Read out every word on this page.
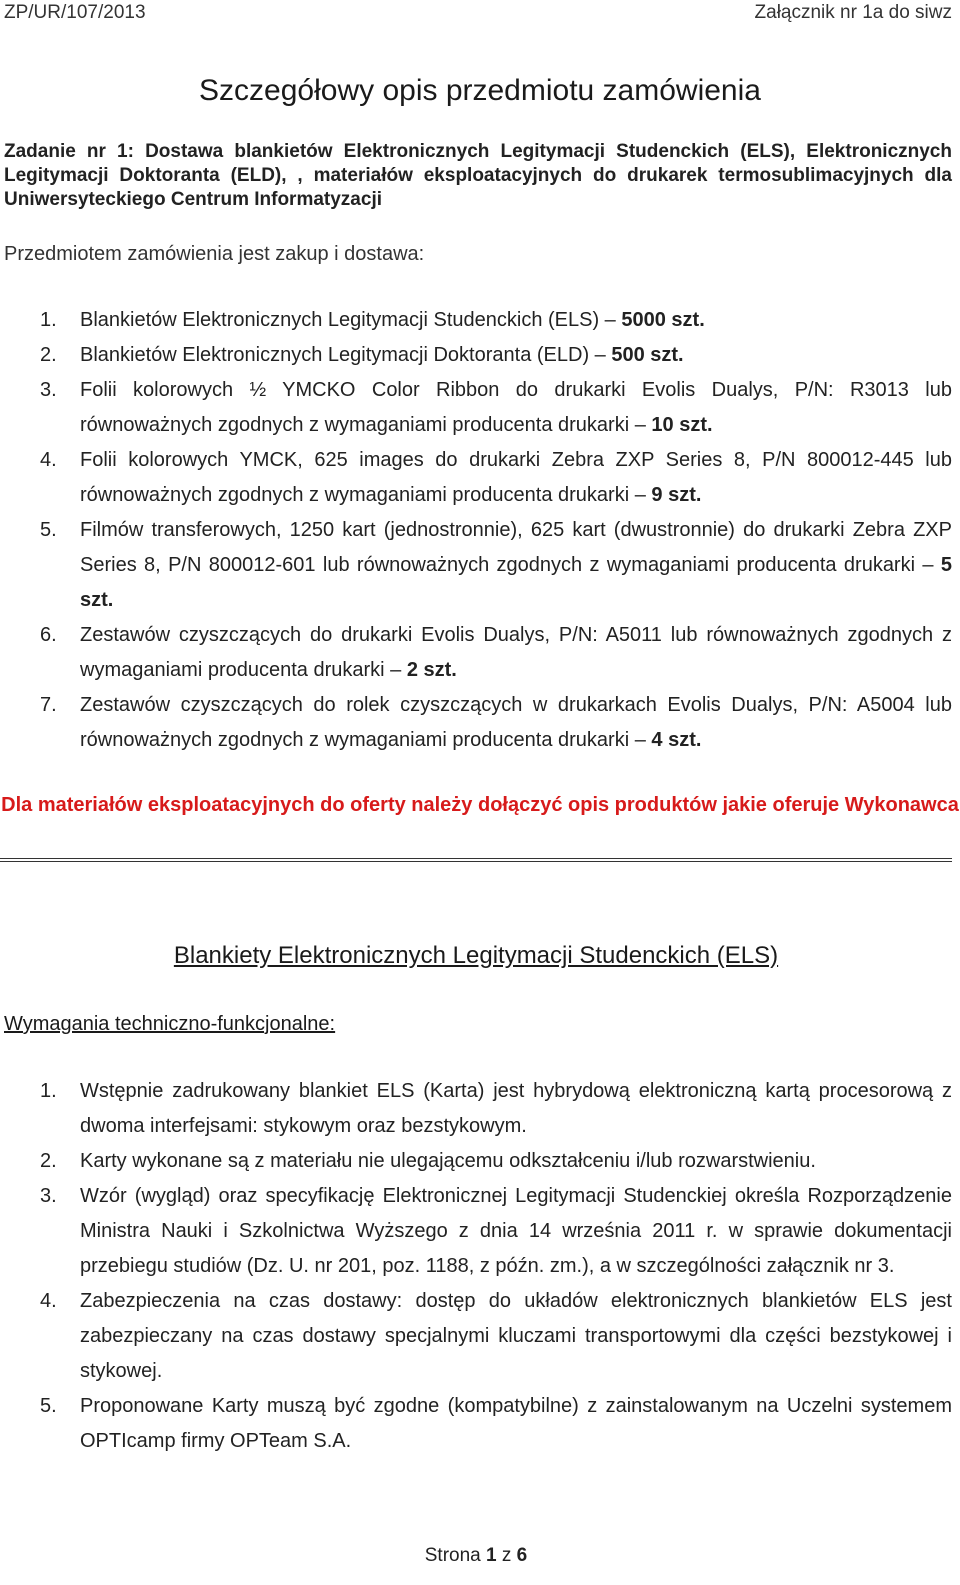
ZP/UR/107/2013	Załącznik nr 1a do siwz
Szczegółowy opis przedmiotu zamówienia
Zadanie nr 1: Dostawa blankietów Elektronicznych Legitymacji Studenckich (ELS), Elektronicznych Legitymacji Doktoranta (ELD), , materiałów eksploatacyjnych do drukarek termosublimacyjnych dla Uniwersyteckiego Centrum Informatyzacji
Przedmiotem zamówienia jest zakup i dostawa:
1. Blankietów Elektronicznych Legitymacji Studenckich (ELS) – 5000 szt.
2. Blankietów Elektronicznych Legitymacji Doktoranta (ELD) – 500 szt.
3. Folii kolorowych ½ YMCKO Color Ribbon do drukarki Evolis Dualys, P/N: R3013 lub równoważnych zgodnych z wymaganiami producenta drukarki – 10 szt.
4. Folii kolorowych YMCK, 625 images do drukarki Zebra ZXP Series 8, P/N 800012-445 lub równoważnych zgodnych z wymaganiami producenta drukarki – 9 szt.
5. Filmów transferowych, 1250 kart (jednostronnie), 625 kart (dwustronnie) do drukarki Zebra ZXP Series 8, P/N 800012-601 lub równoważnych zgodnych z wymaganiami producenta drukarki – 5 szt.
6. Zestawów czyszczących do drukarki Evolis Dualys, P/N: A5011 lub równoważnych zgodnych z wymaganiami producenta drukarki – 2 szt.
7. Zestawów czyszczących do rolek czyszczących w drukarkach Evolis Dualys, P/N: A5004 lub równoważnych zgodnych z wymaganiami producenta drukarki – 4 szt.
Dla materiałów eksploatacyjnych do oferty należy dołączyć opis produktów jakie oferuje Wykonawca
Blankiety Elektronicznych Legitymacji Studenckich (ELS)
Wymagania techniczno-funkcjonalne:
1. Wstępnie zadrukowany blankiet ELS (Karta) jest hybrydową elektroniczną kartą procesorową z dwoma interfejsami: stykowym oraz bezstykowym.
2. Karty wykonane są z materiału nie ulegającemu odkształceniu i/lub rozwarstwieniu.
3. Wzór (wygląd) oraz specyfikację Elektronicznej Legitymacji Studenckiej określa Rozporządzenie Ministra Nauki i Szkolnictwa Wyższego z dnia 14 września 2011 r. w sprawie dokumentacji przebiegu studiów (Dz. U. nr 201, poz. 1188, z późn. zm.), a w szczególności załącznik nr 3.
4. Zabezpieczenia na czas dostawy: dostęp do układów elektronicznych blankietów ELS jest zabezpieczany na czas dostawy specjalnymi kluczami transportowymi dla części bezstykowej i stykowej.
5. Proponowane Karty muszą być zgodne (kompatybilne) z zainstalowanym na Uczelni systemem OPTIcamp firmy OPTeam S.A.
Strona 1 z 6
